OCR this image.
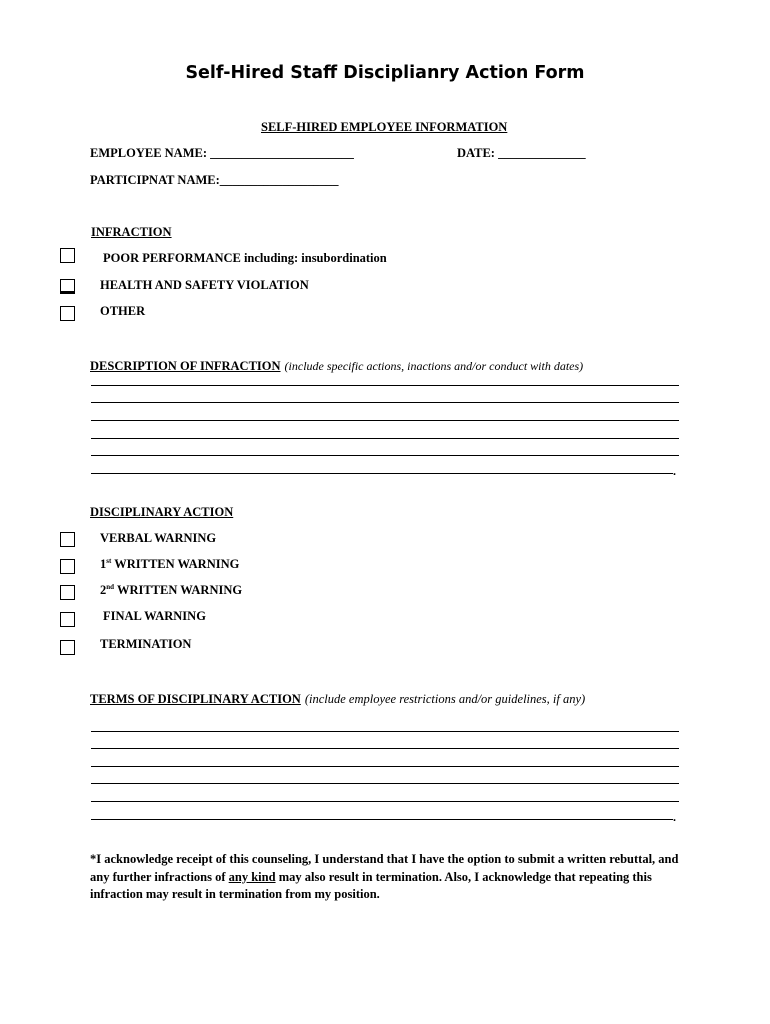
Self-Hired Staff Disciplianry Action Form
SELF-HIRED EMPLOYEE INFORMATION
EMPLOYEE NAME: _______________________	DATE: ______________
PARTICIPNAT NAME:___________________
INFRACTION
POOR PERFORMANCE including: insubordination
HEALTH AND SAFETY VIOLATION
OTHER
DESCRIPTION OF INFRACTION (include specific actions, inactions and/or conduct with dates)
.
DISCIPLINARY ACTION
VERBAL WARNING
1st WRITTEN WARNING
2nd WRITTEN WARNING
FINAL WARNING
TERMINATION
TERMS OF DISCIPLINARY ACTION (include employee restrictions and/or guidelines, if any)
.
*I acknowledge receipt of this counseling, I understand that I have the option to submit a written rebuttal, and any further infractions of any kind may also result in termination. Also, I acknowledge that repeating this infraction may result in termination from my position.
